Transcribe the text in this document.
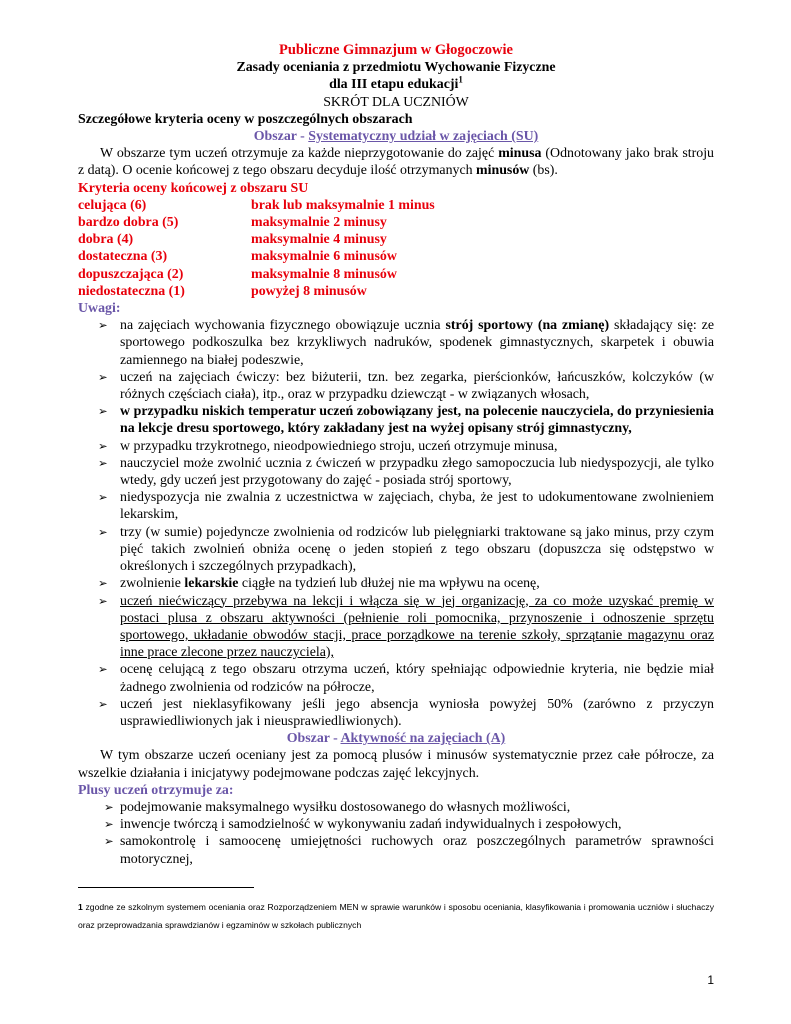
Publiczne Gimnazjum w Głogoczowie

Zasady oceniania z przedmiotu Wychowanie Fizyczne

dla III etapu edukacji$^1$

SKRÓT DLA UCZNIÓW

Szczegółowe kryteria oceny w poszczególnych obszarach

Obszar - Systematyczny udział w zajęciach (SU)

W obszarze tym uczeń otrzymuje za każde nieprzygotowanie do zajęć minusa (Odnotowany jako brak stroju z datą). O ocenie końcowej z tego obszaru decyduje ilość otrzymanych minusów (bs).

Kryteria oceny końcowej z obszaru SU

celująca (6)	brak lub maksymalnie 1 minus
bardzo dobra (5)	maksymalnie 2 minusy
dobra (4)	maksymalnie 4 minusy
dostateczna (3)	maksymalnie 6 minusów
dopuszczająca (2)	maksymalnie 8 minusów
niedostateczna (1)	powyżej 8 minusów

Uwagi:

➢ na zajęciach wychowania fizycznego obowiązuje ucznia strój sportowy (na zmianę) składający się: ze sportowego podkoszulka bez krzykliwych nadruków, spodenek gimnastycznych, skarpetek i obuwia zamiennego na białej podeszwie,
➢ uczeń na zajęciach ćwiczy: bez biżuterii, tzn. bez zegarka, pierścionków, łańcuszków, kolczyków (w różnych częściach ciała), itp., oraz w przypadku dziewcząt - w związanych włosach,
➢ w przypadku niskich temperatur uczeń zobowiązany jest, na polecenie nauczyciela, do przyniesienia na lekcje dresu sportowego, który zakładany jest na wyżej opisany strój gimnastyczny,
➢ w przypadku trzykrotnego, nieodpowiedniego stroju, uczeń otrzymuje minusa,
➢ nauczyciel może zwolnić ucznia z ćwiczeń w przypadku złego samopoczucia lub niedyspozycji, ale tylko wtedy, gdy uczeń jest przygotowany do zajęć - posiada strój sportowy,
➢ niedyspozycja nie zwalnia z uczestnictwa w zajęciach, chyba, że jest to udokumentowane zwolnieniem lekarskim,
➢ trzy (w sumie) pojedyncze zwolnienia od rodziców lub pielęgniarki traktowane są jako minus, przy czym pięć takich zwolnień obniża ocenę o jeden stopień z tego obszaru (dopuszcza się odstępstwo w określonych i szczególnych przypadkach),
➢ zwolnienie lekarskie ciągłe na tydzień lub dłużej nie ma wpływu na ocenę,
➢ uczeń niećwiczący przebywa na lekcji i włącza się w jej organizację, za co może uzyskać premię w postaci plusa z obszaru aktywności (pełnienie roli pomocnika, przynoszenie i odnoszenie sprzętu sportowego, układanie obwodów stacji, prace porządkowe na terenie szkoły, sprzątanie magazynu oraz inne prace zlecone przez nauczyciela),
➢ ocenę celującą z tego obszaru otrzyma uczeń, który spełniając odpowiednie kryteria, nie będzie miał żadnego zwolnienia od rodziców na półrocze,
➢ uczeń jest nieklasyfikowany jeśli jego absencja wyniosła powyżej 50% (zarówno z przyczyn usprawiedliwionych jak i nieusprawiedliwionych).

Obszar - Aktywność na zajęciach (A)

W tym obszarze uczeń oceniany jest za pomocą plusów i minusów systematycznie przez całe półrocze, za wszelkie działania i inicjatywy podejmowane podczas zajęć lekcyjnych.

Plusy uczeń otrzymuje za:

➢ podejmowanie maksymalnego wysiłku dostosowanego do własnych możliwości,
➢ inwencje twórczą i samodzielność w wykonywaniu zadań indywidualnych i zespołowych,
➢ samokontrolę i samoocenę umiejętności ruchowych oraz poszczególnych parametrów sprawności motorycznej,

1 zgodne ze szkolnym systemem oceniania oraz Rozporządzeniem MEN w sprawie warunków i sposobu oceniania, klasyfikowania i promowania uczniów i słuchaczy oraz przeprowadzania sprawdzianów i egzaminów w szkołach publicznych

1
